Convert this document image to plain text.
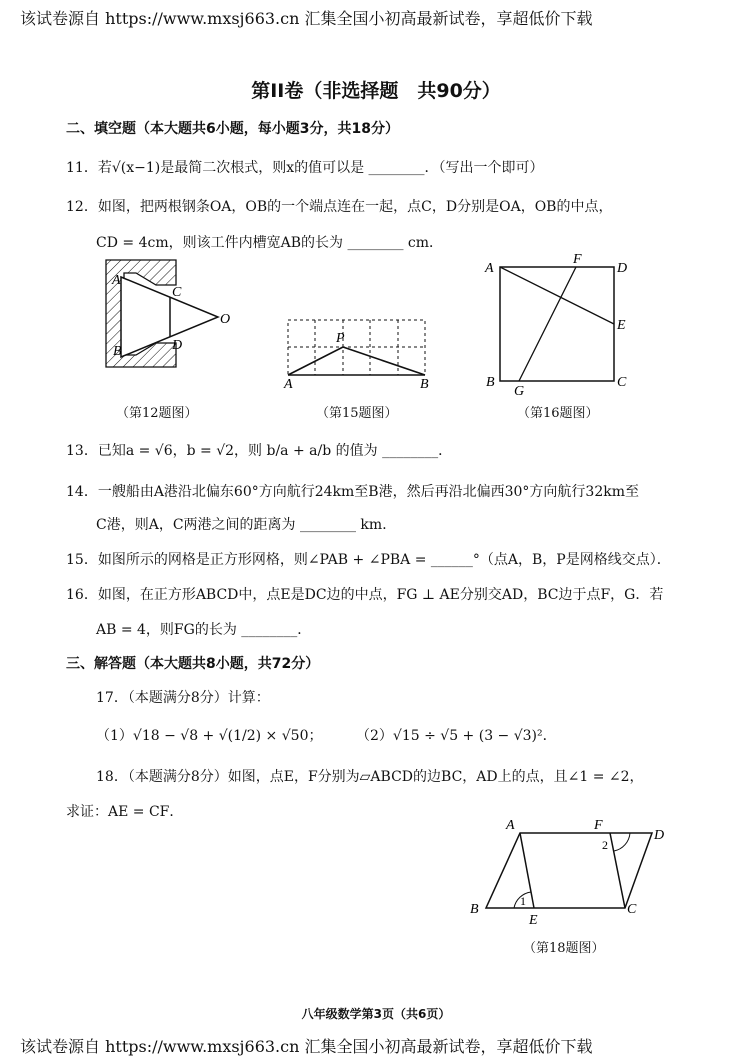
该试卷源自 https://www.mxsj663.cn 汇集全国小初高最新试卷，享超低价下载
第II卷（非选择题　共90分）
二、填空题（本大题共6小题，每小题3分，共18分）
11．若√(x−1)是最简二次根式，则x的值可以是 ________．（写出一个即可）
12．如图，把两根钢条OA，OB的一个端点连在一起，点C，D分别是OA，OB的中点，
CD = 4cm，则该工件内槽宽AB的长为 ________ cm．
A
B
C
D
O
（第12题图）
P
A	B
（第15题图）
A
F
D
E
B
G
C
（第16题图）
13．已知a = √6，b = √2，则 b/a + a/b 的值为 ________．
14．一艘船由A港沿北偏东60°方向航行24km至B港，然后再沿北偏西30°方向航行32km至
C港，则A，C两港之间的距离为 ________ km．
15．如图所示的网格是正方形网格，则∠PAB + ∠PBA = ______°（点A，B，P是网格线交点）．
16．如图，在正方形ABCD中，点E是DC边的中点，FG ⊥ AE分别交AD，BC边于点F，G．若
AB = 4，则FG的长为 ________．
三、解答题（本大题共8小题，共72分）
17．（本题满分8分）计算：
（1）√18 − √8 + √(1/2) × √50； （2）√15 ÷ √5 + (3 − √3)²．
18．（本题满分8分）如图，点E，F分别为▱ABCD的边BC，AD上的点，且∠1 = ∠2，
求证：AE = CF．
A	F
D
B
E
C
1
2
（第18题图）
八年级数学第3页（共6页）
该试卷源自 https://www.mxsj663.cn 汇集全国小初高最新试卷，享超低价下载
